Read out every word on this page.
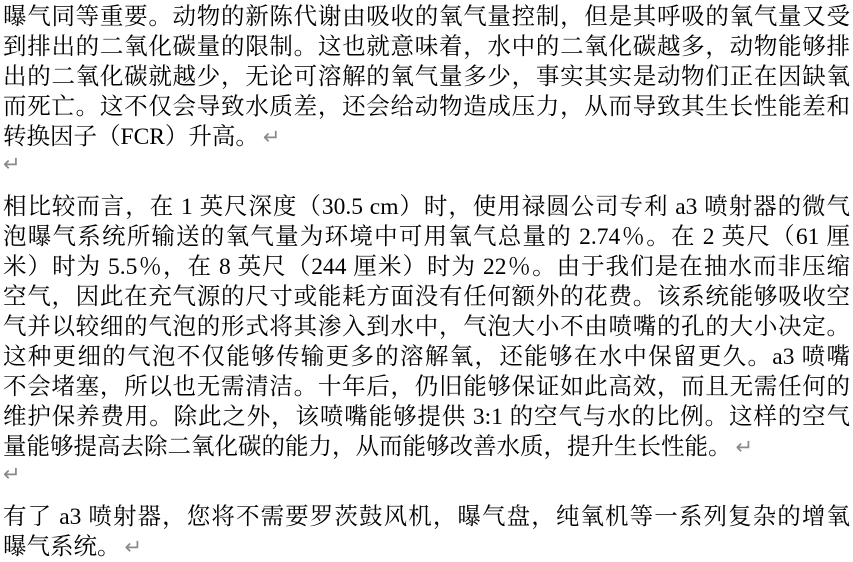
曝气同等重要。动物的新陈代谢由吸收的氧气量控制，但是其呼吸的氧气量又受
到排出的二氧化碳量的限制。这也就意味着，水中的二氧化碳越多，动物能够排
出的二氧化碳就越少，无论可溶解的氧气量多少，事实其实是动物们正在因缺氧
而死亡。这不仅会导致水质差，还会给动物造成压力，从而导致其生长性能差和
转换因子（FCR）升高。 ↵
↵
相比较而言，在 1 英尺深度（30.5 cm）时，使用禄圆公司专利 a3 喷射器的微气
泡曝气系统所输送的氧气量为环境中可用氧气总量的 2.74％。在 2 英尺（61 厘
米）时为 5.5％，在 8 英尺（244 厘米）时为 22％。由于我们是在抽水而非压缩
空气，因此在充气源的尺寸或能耗方面没有任何额外的花费。该系统能够吸收空
气并以较细的气泡的形式将其渗入到水中，气泡大小不由喷嘴的孔的大小决定。
这种更细的气泡不仅能够传输更多的溶解氧，还能够在水中保留更久。a3 喷嘴
不会堵塞，所以也无需清洁。十年后，仍旧能够保证如此高效，而且无需任何的
维护保养费用。除此之外，该喷嘴能够提供 3:1 的空气与水的比例。这样的空气
量能够提高去除二氧化碳的能力，从而能够改善水质，提升生长性能。 ↵
↵
有了 a3 喷射器，您将不需要罗茨鼓风机，曝气盘，纯氧机等一系列复杂的增氧
曝气系统。 ↵
